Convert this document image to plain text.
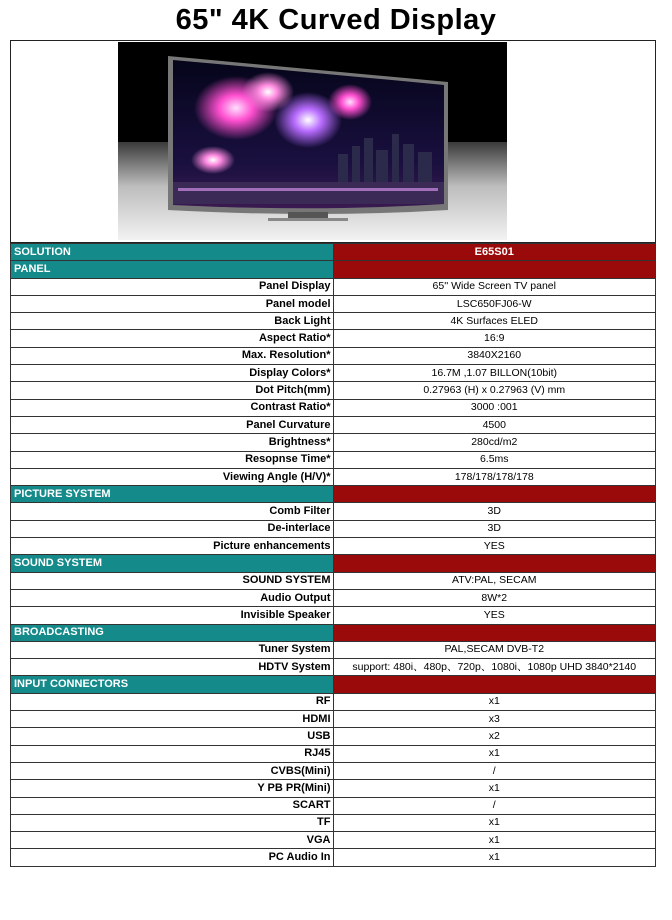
65" 4K Curved Display
SOLUTION	E65S01
PANEL	
Panel Display	65'' Wide Screen TV panel
Panel model	LSC650FJ06-W
Back Light	4K Surfaces ELED
Aspect Ratio*	16:9
Max. Resolution*	3840X2160
Display Colors*	16.7M ,1.07 BILLON(10bit)
Dot Pitch(mm)	0.27963 (H) x 0.27963 (V) mm
Contrast Ratio*	3000 :001
Panel Curvature	4500
Brightness*	280cd/m2
Resopnse Time*	6.5ms
Viewing Angle (H/V)*	178/178/178/178
PICTURE SYSTEM	
Comb Filter	3D
De-interlace	3D
Picture enhancements	YES
SOUND SYSTEM	
SOUND SYSTEM	ATV:PAL, SECAM
Audio Output	8W*2
Invisible Speaker	YES
BROADCASTING	
Tuner System	PAL,SECAM DVB-T2
HDTV System	support: 480i、480p、720p、1080i、1080p UHD 3840*2140
INPUT CONNECTORS	
RF	x1
HDMI	x3
USB	x2
RJ45	x1
CVBS(Mini)	/
Y PB PR(Mini)	x1
SCART	/
TF	x1
VGA	x1
PC Audio In	x1
